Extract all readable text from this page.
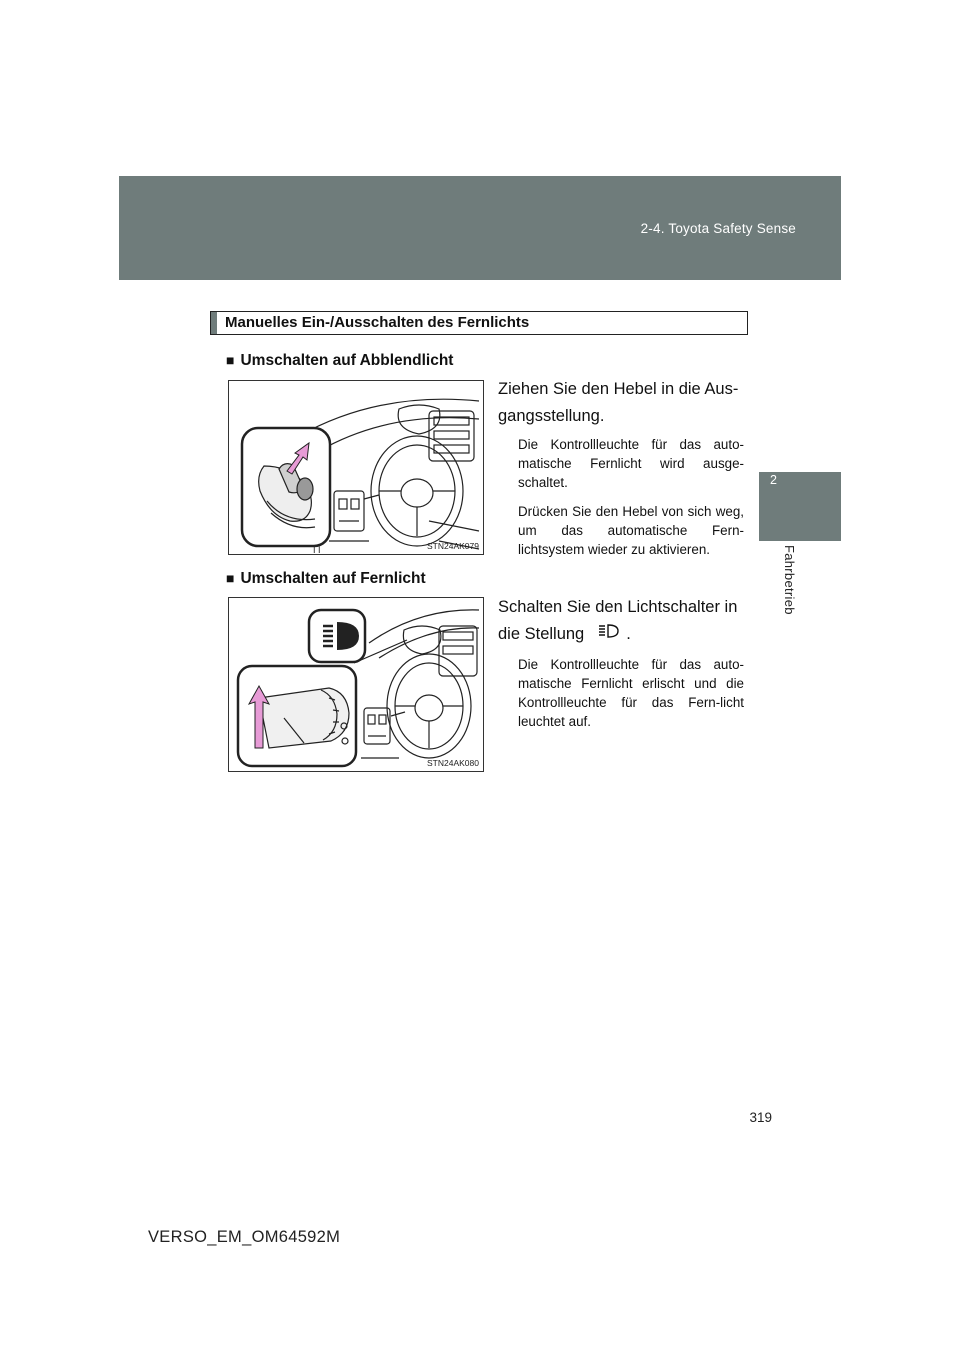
2-4. Toyota Safety Sense
2
Fahrbetrieb
Manuelles Ein-/Ausschalten des Fernlichts
■ Umschalten auf Abblendlicht
I I	STN24AK079
Ziehen Sie den Hebel in die Aus-gangsstellung.
Die Kontrollleuchte für das auto-matische Fernlicht wird ausge-schaltet.
Drücken Sie den Hebel von sich weg, um das automatische Fern-lichtsystem wieder zu aktivieren.
■ Umschalten auf Fernlicht
STN24AK080
Schalten Sie den Lichtschalter in die Stellung	.
Die Kontrollleuchte für das auto-matische Fernlicht erlischt und die Kontrollleuchte für das Fern-licht leuchtet auf.
319
VERSO_EM_OM64592M
